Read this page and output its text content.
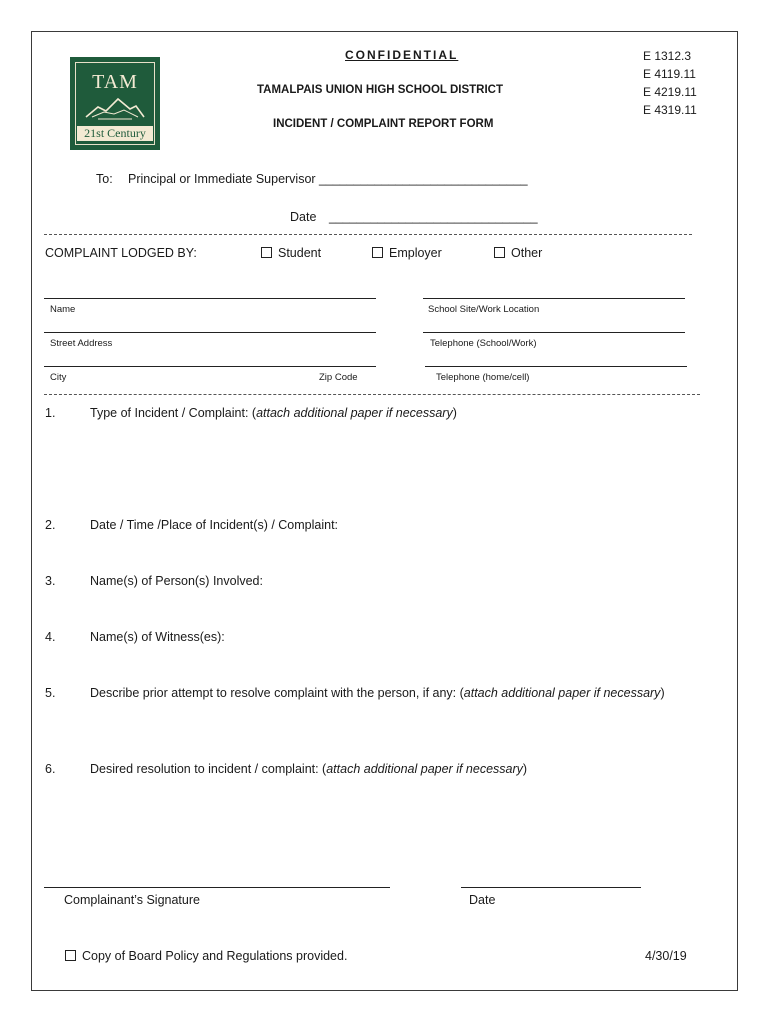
TAM
21st Century
CONFIDENTIAL
TAMALPAIS UNION HIGH SCHOOL DISTRICT
INCIDENT / COMPLAINT REPORT FORM
E 1312.3
E 4119.11
E 4219.11
E 4319.11
To: Principal or Immediate Supervisor ______________________________
Date ______________________________
COMPLAINT LODGED BY:	Student	Employer	Other
Name	School Site/Work Location
Street Address	Telephone (School/Work)
City	Zip Code	Telephone (home/cell)
1.	Type of Incident / Complaint: (attach additional paper if necessary)
2.	Date / Time /Place of Incident(s) / Complaint:
3.	Name(s) of Person(s) Involved:
4.	Name(s) of Witness(es):
5.	Describe prior attempt to resolve complaint with the person, if any: (attach additional paper if necessary)
6.	Desired resolution to incident / complaint: (attach additional paper if necessary)
Complainant’s Signature	Date
Copy of Board Policy and Regulations provided.	4/30/19
